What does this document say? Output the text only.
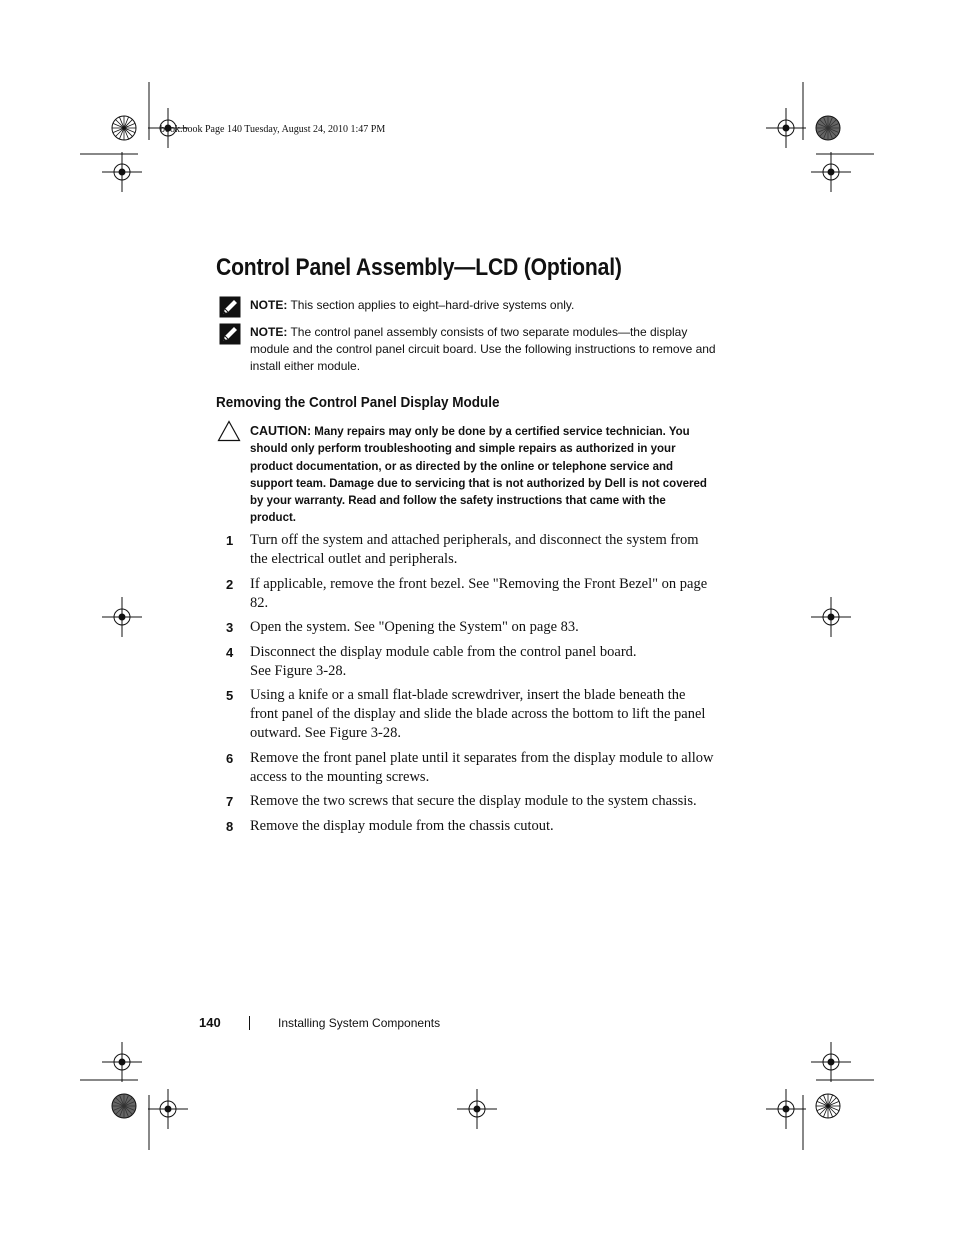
book.book Page 140 Tuesday, August 24, 2010 1:47 PM
Control Panel Assembly—LCD (Optional)
NOTE: This section applies to eight–hard-drive systems only.
NOTE: The control panel assembly consists of two separate modules—the display module and the control panel circuit board. Use the following instructions to remove and install either module.
Removing the Control Panel Display Module
CAUTION: Many repairs may only be done by a certified service technician. You should only perform troubleshooting and simple repairs as authorized in your product documentation, or as directed by the online or telephone service and support team. Damage due to servicing that is not authorized by Dell is not covered by your warranty. Read and follow the safety instructions that came with the product.
1 Turn off the system and attached peripherals, and disconnect the system from the electrical outlet and peripherals.
2 If applicable, remove the front bezel. See "Removing the Front Bezel" on page 82.
3 Open the system. See "Opening the System" on page 83.
4 Disconnect the display module cable from the control panel board.
See Figure 3-28.
5 Using a knife or a small flat-blade screwdriver, insert the blade beneath the front panel of the display and slide the blade across the bottom to lift the panel outward. See Figure 3-28.
6 Remove the front panel plate until it separates from the display module to allow access to the mounting screws.
7 Remove the two screws that secure the display module to the system chassis.
8 Remove the display module from the chassis cutout.
140	Installing System Components
